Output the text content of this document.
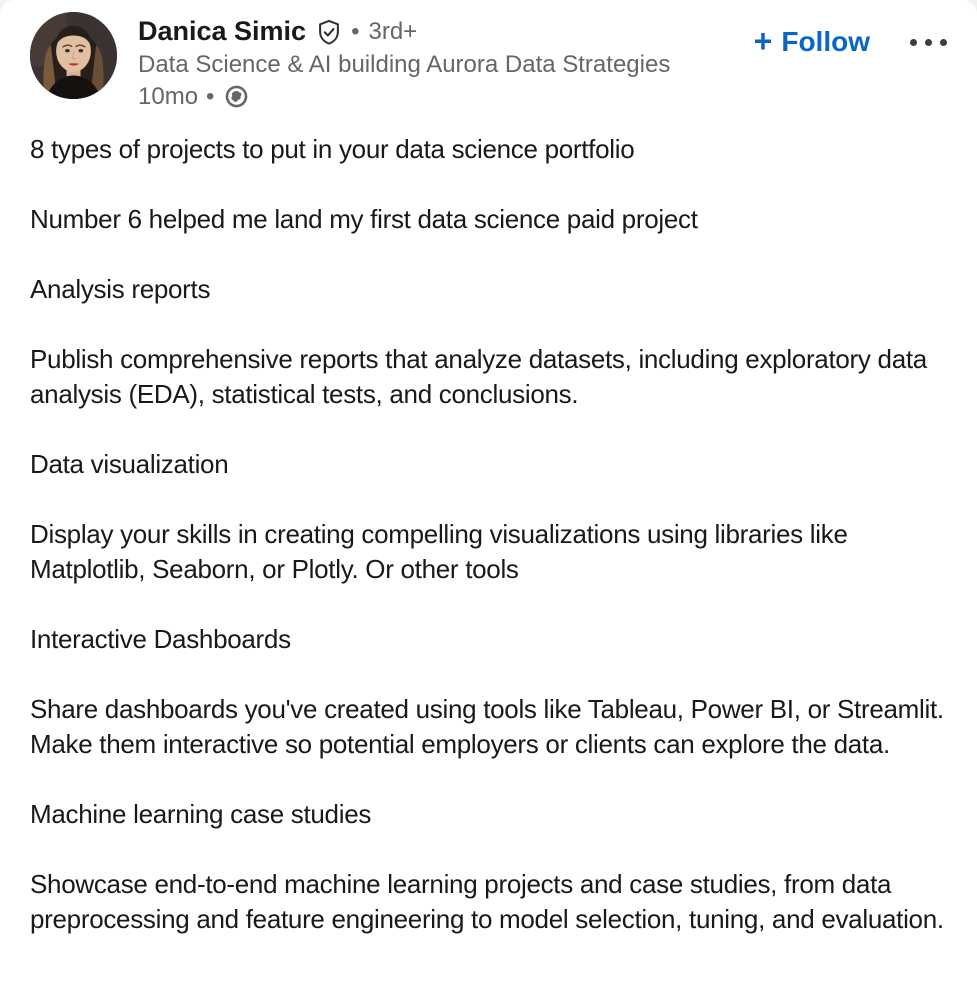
Danica Simic • 3rd+
Data Science & AI building Aurora Data Strategies
10mo •
+ Follow

8 types of projects to put in your data science portfolio

Number 6 helped me land my first data science paid project

Analysis reports

Publish comprehensive reports that analyze datasets, including exploratory data analysis (EDA), statistical tests, and conclusions.

Data visualization

Display your skills in creating compelling visualizations using libraries like Matplotlib, Seaborn, or Plotly. Or other tools

Interactive Dashboards

Share dashboards you've created using tools like Tableau, Power BI, or Streamlit. Make them interactive so potential employers or clients can explore the data.

Machine learning case studies

Showcase end-to-end machine learning projects and case studies, from data preprocessing and feature engineering to model selection, tuning, and evaluation.
